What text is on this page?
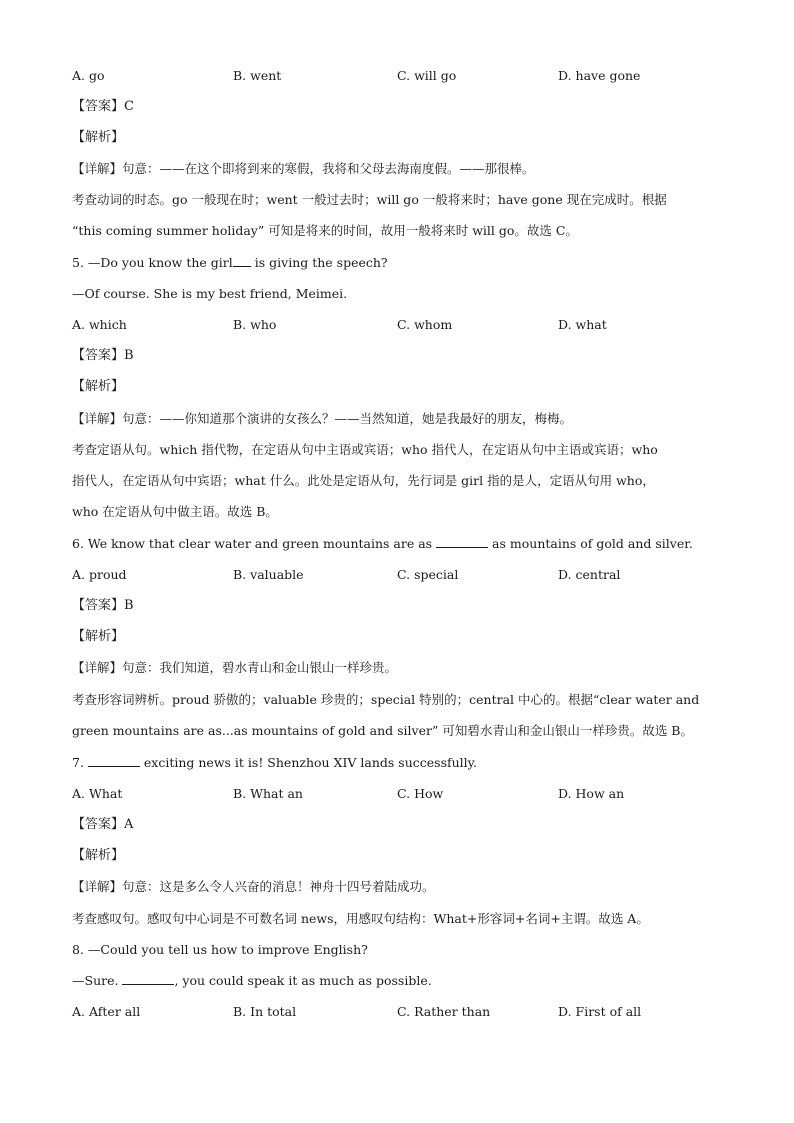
A. go	B. went	C. will go	D. have gone
【答案】C
【解析】
【详解】句意：——在这个即将到来的寒假，我将和父母去海南度假。——那很棒。
考查动词的时态。go 一般现在时；went 一般过去时；will go 一般将来时；have gone 现在完成时。根据
“this coming summer holiday” 可知是将来的时间，故用一般将来时 will go。故选 C。
5. —Do you know the girl is giving the speech?
—Of course. She is my best friend, Meimei.
A. which	B. who	C. whom	D. what
【答案】B
【解析】
【详解】句意：——你知道那个演讲的女孩么？——当然知道，她是我最好的朋友，梅梅。
考查定语从句。which 指代物，在定语从句中主语或宾语；who 指代人，在定语从句中主语或宾语；who
指代人，在定语从句中宾语；what 什么。此处是定语从句，先行词是 girl 指的是人，定语从句用 who，
who 在定语从句中做主语。故选 B。
6. We know that clear water and green mountains are as	as mountains of gold and silver.
A. proud	B. valuable	C. special	D. central
【答案】B
【解析】
【详解】句意：我们知道，碧水青山和金山银山一样珍贵。
考查形容词辨析。proud 骄傲的；valuable 珍贵的；special 特别的；central 中心的。根据“clear water and
green mountains are as...as mountains of gold and silver” 可知碧水青山和金山银山一样珍贵。故选 B。
7.	exciting news it is! Shenzhou XIV lands successfully.
A. What	B. What an	C. How	D. How an
【答案】A
【解析】
【详解】句意：这是多么令人兴奋的消息！神舟十四号着陆成功。
考查感叹句。感叹句中心词是不可数名词 news，用感叹句结构：What+形容词+名词+主谓。故选 A。
8. —Could you tell us how to improve English?
—Sure.	, you could speak it as much as possible.
A. After all	B. In total	C. Rather than	D. First of all
